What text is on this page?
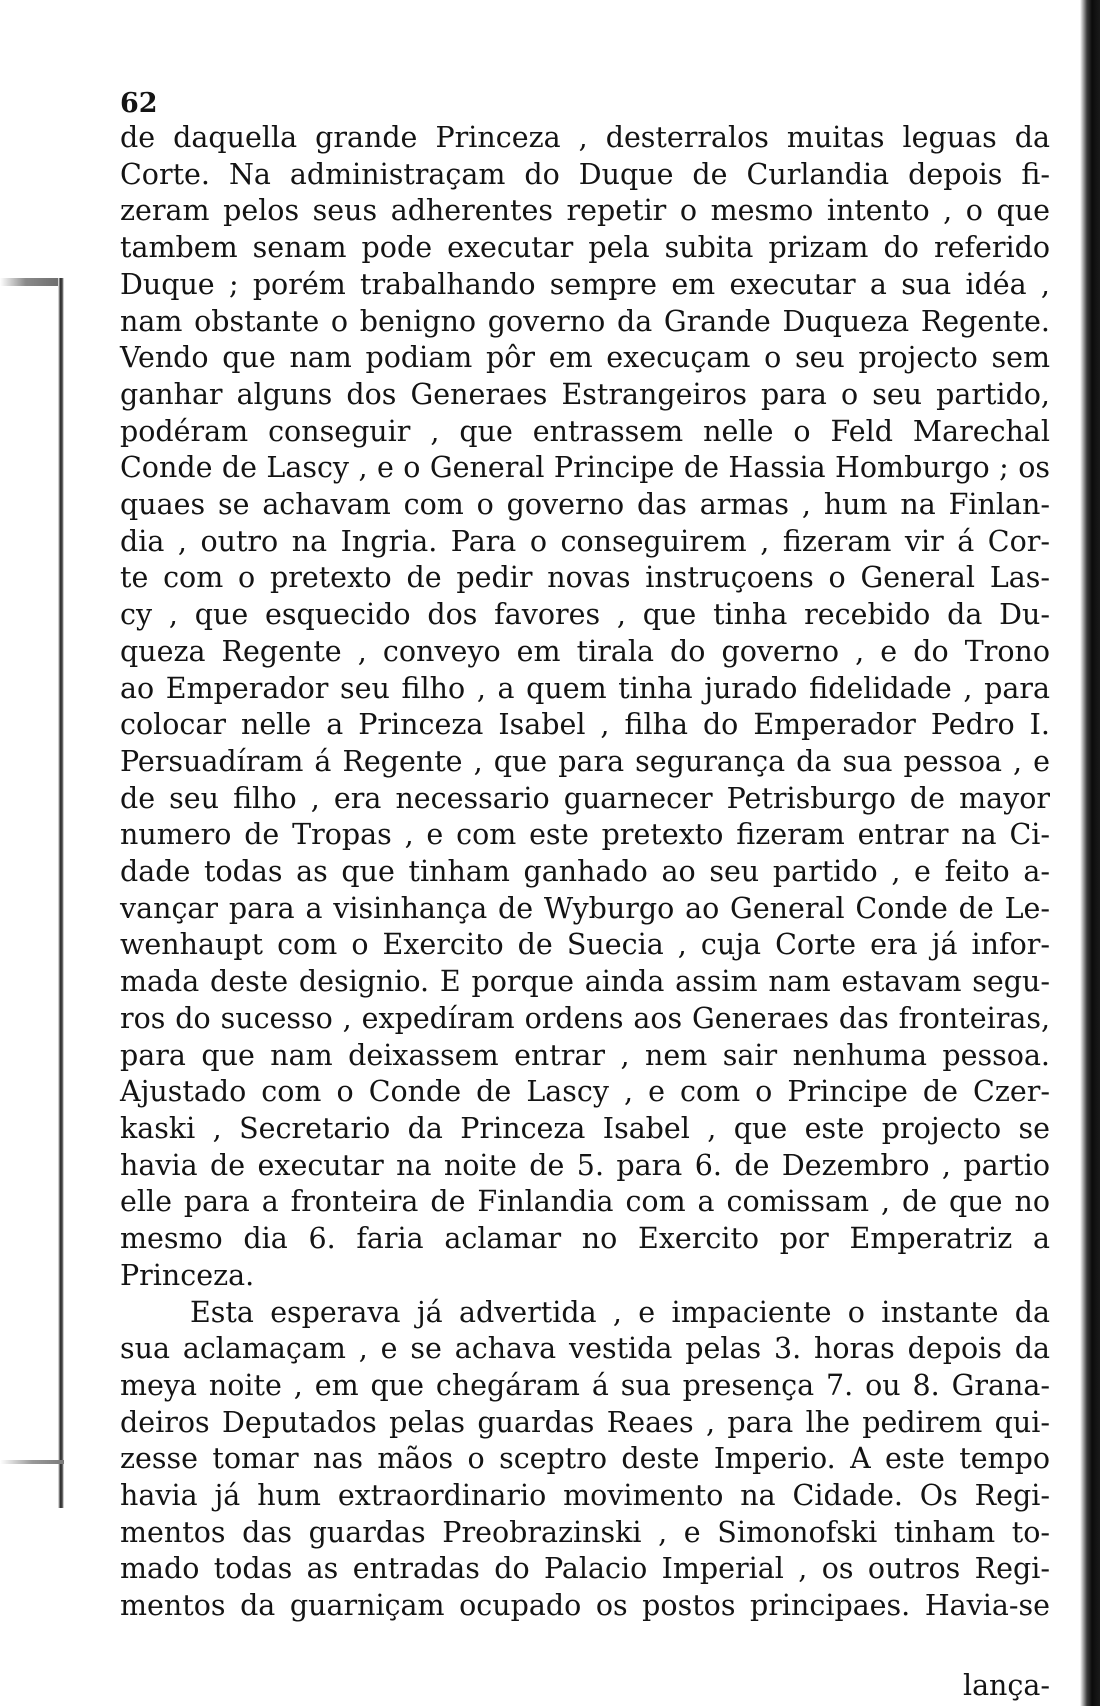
62
de daquella grande Princeza , desterralos muitas leguas da
Corte. Na administraçam do Duque de Curlandia depois fi-
zeram pelos seus adherentes repetir o mesmo intento , o que
tambem senam pode executar pela subita prizam do referido
Duque ; porém trabalhando sempre em executar a sua idéa ,
nam obstante o benigno governo da Grande Duqueza Regente.
Vendo que nam podiam pôr em execuçam o seu projecto sem
ganhar alguns dos Generaes Estrangeiros para o seu partido,
podéram conseguir , que entrassem nelle o Feld Marechal
Conde de Lascy , e o General Principe de Hassia Homburgo ; os
quaes se achavam com o governo das armas , hum na Finlan-
dia , outro na Ingria. Para o conseguirem , fizeram vir á Cor-
te com o pretexto de pedir novas instruçoens o General Las-
cy , que esquecido dos favores , que tinha recebido da Du-
queza Regente , conveyo em tirala do governo , e do Trono
ao Emperador seu filho , a quem tinha jurado fidelidade , para
colocar nelle a Princeza Isabel , filha do Emperador Pedro I.
Persuadíram á Regente , que para segurança da sua pessoa , e
de seu filho , era necessario guarnecer Petrisburgo de mayor
numero de Tropas , e com este pretexto fizeram entrar na Ci-
dade todas as que tinham ganhado ao seu partido , e feito a-
vançar para a visinhança de Wyburgo ao General Conde de Le-
wenhaupt com o Exercito de Suecia , cuja Corte era já infor-
mada deste designio. E porque ainda assim nam estavam segu-
ros do sucesso , expedíram ordens aos Generaes das fronteiras,
para que nam deixassem entrar , nem sair nenhuma pessoa.
Ajustado com o Conde de Lascy , e com o Principe de Czer-
kaski , Secretario da Princeza Isabel , que este projecto se
havia de executar na noite de 5. para 6. de Dezembro , partio
elle para a fronteira de Finlandia com a comissam , de que no
mesmo dia 6. faria aclamar no Exercito por Emperatriz a
Princeza.
Esta esperava já advertida , e impaciente o instante da
sua aclamaçam , e se achava vestida pelas 3. horas depois da
meya noite , em que chegáram á sua presença 7. ou 8. Grana-
deiros Deputados pelas guardas Reaes , para lhe pedirem qui-
zesse tomar nas mãos o sceptro deste Imperio. A este tempo
havia já hum extraordinario movimento na Cidade. Os Regi-
mentos das guardas Preobrazinski , e Simonofski tinham to-
mado todas as entradas do Palacio Imperial , os outros Regi-
mentos da guarniçam ocupado os postos principaes. Havia-se
lança-
